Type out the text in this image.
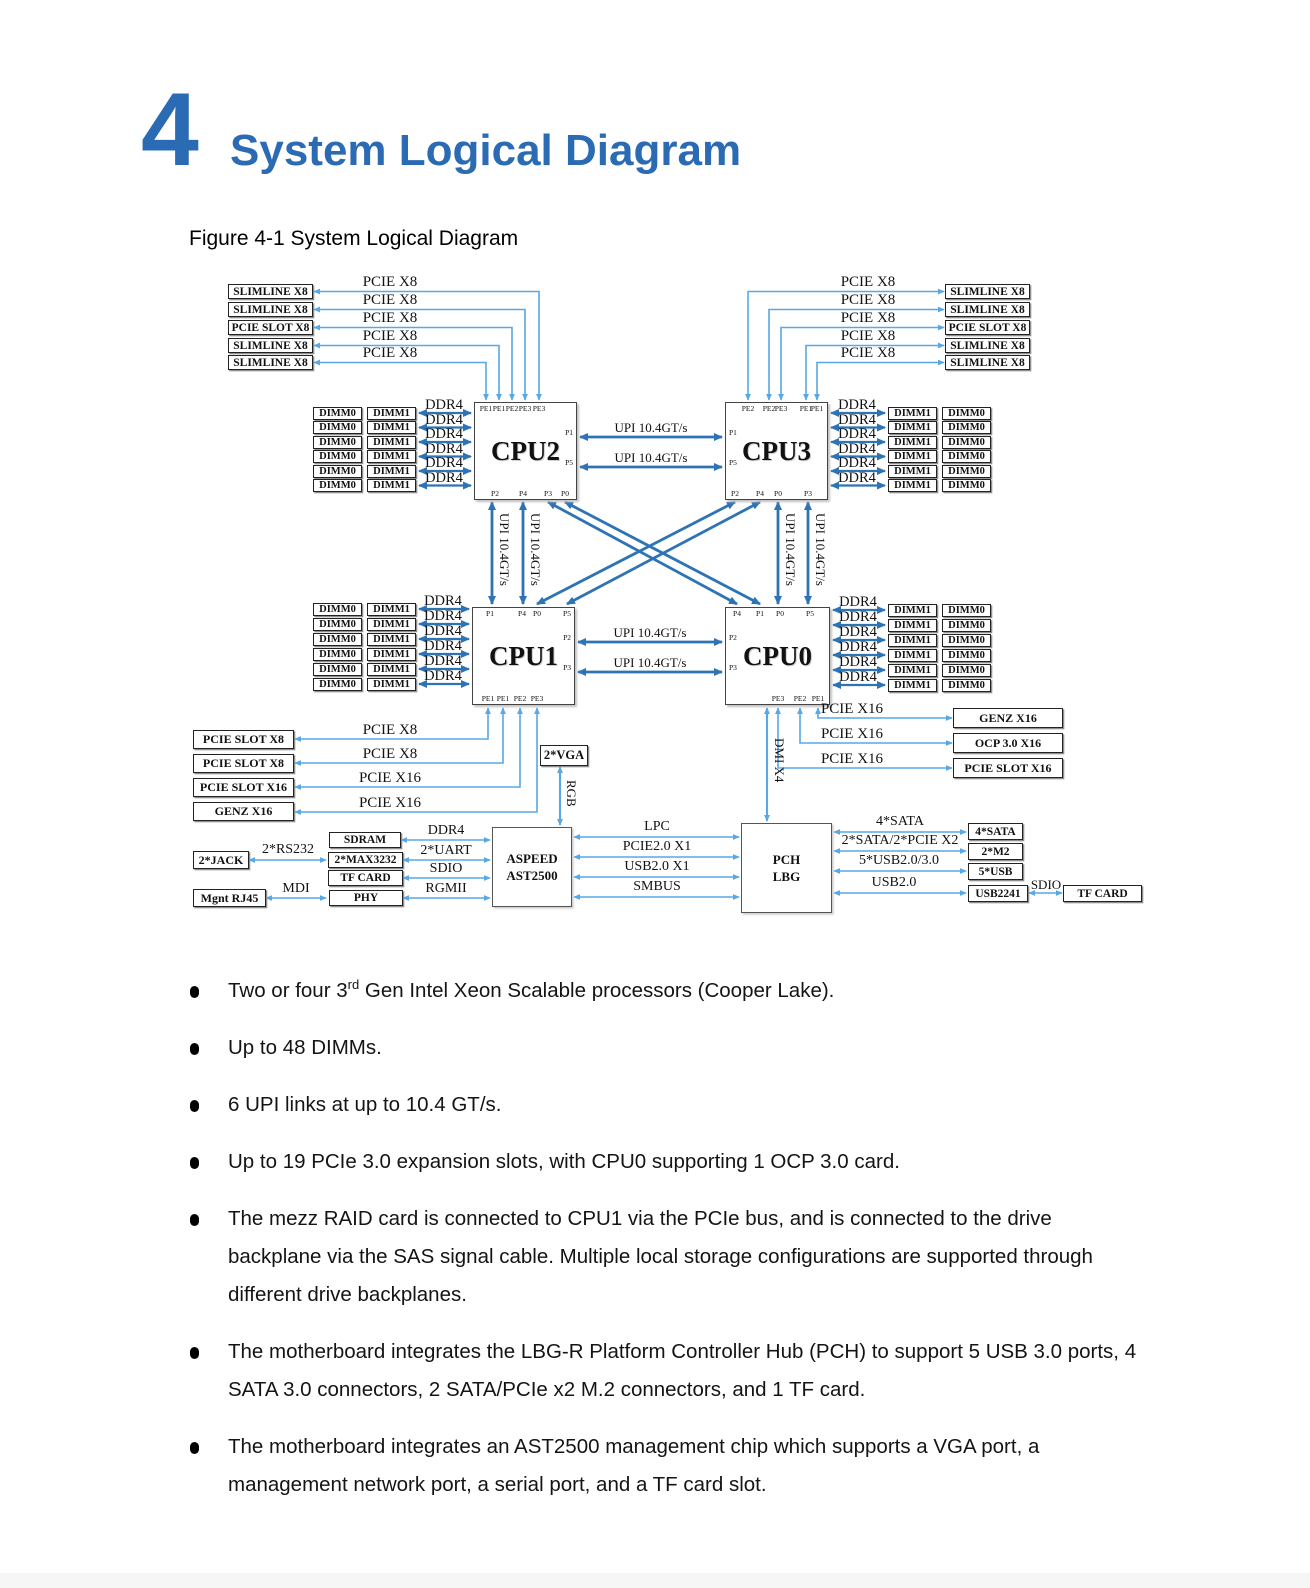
4 System Logical Diagram
Figure 4-1 System Logical Diagram
SLIMLINE X8
SLIMLINE X8
PCIE SLOT X8
SLIMLINE X8
SLIMLINE X8
SLIMLINE X8
SLIMLINE X8
PCIE SLOT X8
SLIMLINE X8
SLIMLINE X8
PCIE X8
PCIE X8
PCIE X8
PCIE X8
PCIE X8
PCIE X8
PCIE X8
PCIE X8
PCIE X8
PCIE X8
CPU2	CPU3
CPU1	CPU0
UPI 10.4GT/s
UPI 10.4GT/s
UPI 10.4GT/s
UPI 10.4GT/s
UPI 10.4GT/s UPI 10.4GT/s	UPI 10.4GT/s UPI 10.4GT/s
DMI X4
RGB
PCIE SLOT X8
PCIE SLOT X8
PCIE SLOT X16
GENZ X16
PCIE X8
PCIE X8
PCIE X16
PCIE X16
GENZ X16
OCP 3.0 X16
PCIE SLOT X16
PCIE X16
PCIE X16
PCIE X16
2*VGA
ASPEED
AST2500
SDRAM
2*MAX3232
TF CARD
PHY
DDR4
2*UART
SDIO
RGMII
2*JACK
Mgnt RJ45
2*RS232
MDI
PCH
LBG
LPC
PCIE2.0 X1
USB2.0 X1
SMBUS
4*SATA
2*SATA/2*PCIE X2
5*USB2.0/3.0
USB2.0
4*SATA
2*M2
5*USB
USB2241
SDIO
TF CARD
DIMM0	DIMM1	DDR4
DIMM0	DIMM1	DDR4
DIMM0	DIMM1	DDR4
DIMM0	DIMM1	DDR4
DIMM0	DIMM1	DDR4
DIMM0	DIMM1	DDR4
DIMM0
DIMM1
DDR4
DIMM0
DIMM1
DDR4
DIMM0
DIMM1
DDR4
DIMM0
DIMM1
DDR4
DIMM0
DIMM1
DDR4
DIMM0
DIMM1
DDR4
DIMM0	DIMM1 DDR4
DIMM0	DIMM1 DDR4
DIMM0	DIMM1 DDR4
DIMM0	DIMM1 DDR4
DIMM0	DIMM1 DDR4
DIMM0	DIMM1 DDR4
DIMM0
DIMM1
DDR4
DIMM0
DIMM1
DDR4
DIMM0
DIMM1
DDR4
DIMM0
DIMM1
DDR4
DIMM0
DIMM1
DDR4
DIMM0
DIMM1
DDR4
PE1 PE1 PE2 PE3 PE3
P2	P4	P3	P0
P1
P5
PE2	PE2 PE3	PE1
PE1
P2	P4	P0	P3
P1
P5
P1	P4 P0	P5
PE1 PE1 PE2 PE3
P2
P3
P4	P1	P0	P5
PE3	PE2 PE1
P2
P3

Two or four 3rd Gen Intel Xeon Scalable processors (Cooper Lake).

Up to 48 DIMMs.

6 UPI links at up to 10.4 GT/s.

Up to 19 PCIe 3.0 expansion slots, with CPU0 supporting 1 OCP 3.0 card.

The mezz RAID card is connected to CPU1 via the PCIe bus, and is connected to the drive backplane via the SAS signal cable. Multiple local storage configurations are supported through different drive backplanes.

The motherboard integrates the LBG-R Platform Controller Hub (PCH) to support 5 USB 3.0 ports, 4 SATA 3.0 connectors, 2 SATA/PCIe x2 M.2 connectors, and 1 TF card.

The motherboard integrates an AST2500 management chip which supports a VGA port, a management network port, a serial port, and a TF card slot.
